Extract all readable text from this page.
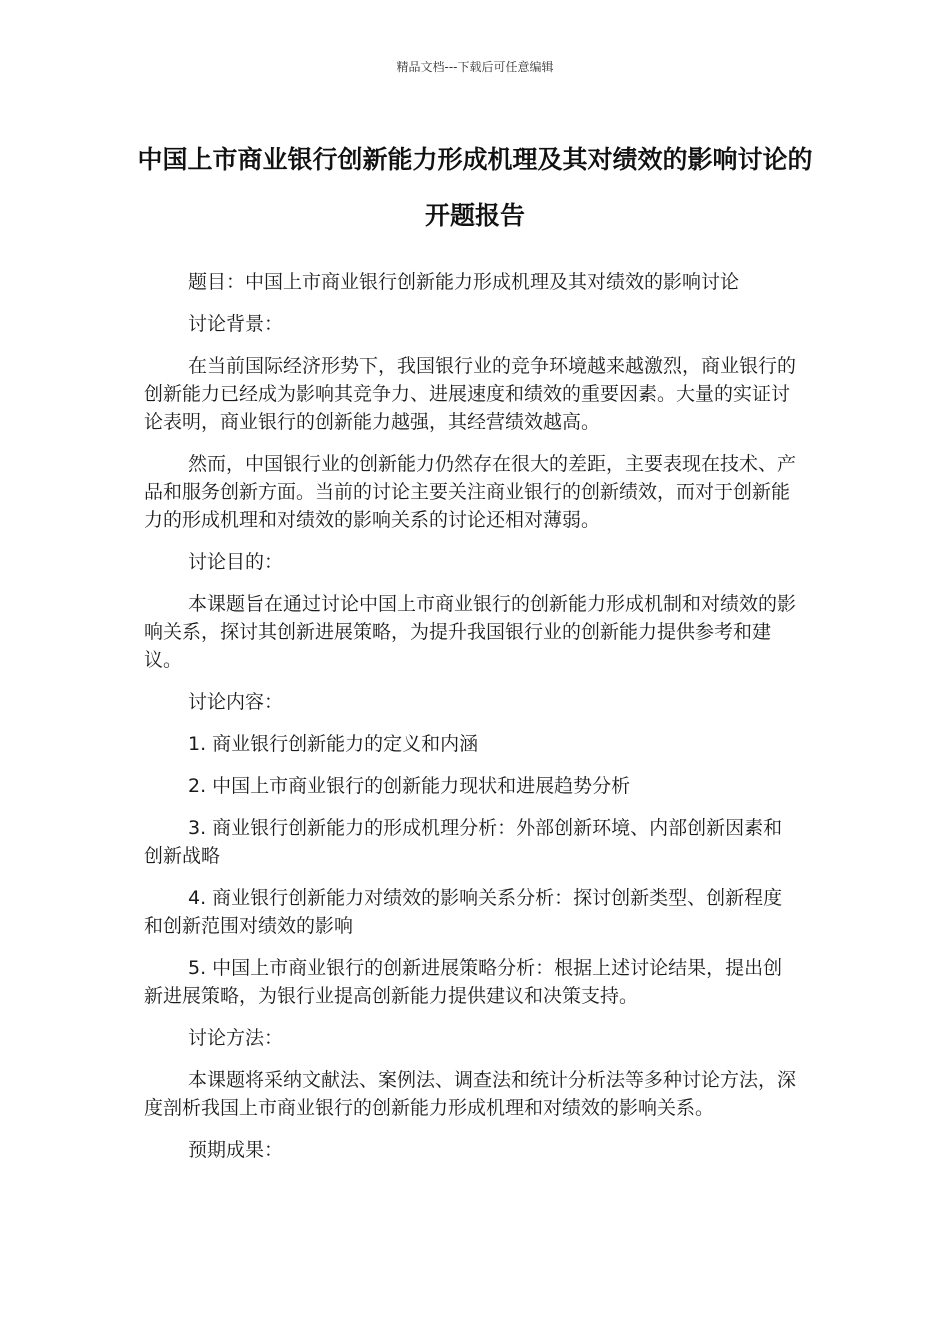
精品文档---下载后可任意编辑
中国上市商业银行创新能力形成机理及其对绩效的影响讨论的开题报告

题目：中国上市商业银行创新能力形成机理及其对绩效的影响讨论

讨论背景：

在当前国际经济形势下，我国银行业的竞争环境越来越激烈，商业银行的创新能力已经成为影响其竞争力、进展速度和绩效的重要因素。大量的实证讨论表明，商业银行的创新能力越强，其经营绩效越高。

然而，中国银行业的创新能力仍然存在很大的差距，主要表现在技术、产品和服务创新方面。当前的讨论主要关注商业银行的创新绩效，而对于创新能力的形成机理和对绩效的影响关系的讨论还相对薄弱。

讨论目的：

本课题旨在通过讨论中国上市商业银行的创新能力形成机制和对绩效的影响关系，探讨其创新进展策略，为提升我国银行业的创新能力提供参考和建议。

讨论内容：

1. 商业银行创新能力的定义和内涵

2. 中国上市商业银行的创新能力现状和进展趋势分析

3. 商业银行创新能力的形成机理分析：外部创新环境、内部创新因素和创新战略

4. 商业银行创新能力对绩效的影响关系分析：探讨创新类型、创新程度和创新范围对绩效的影响

5. 中国上市商业银行的创新进展策略分析：根据上述讨论结果，提出创新进展策略，为银行业提高创新能力提供建议和决策支持。

讨论方法：

本课题将采纳文献法、案例法、调查法和统计分析法等多种讨论方法，深度剖析我国上市商业银行的创新能力形成机理和对绩效的影响关系。

预期成果：
